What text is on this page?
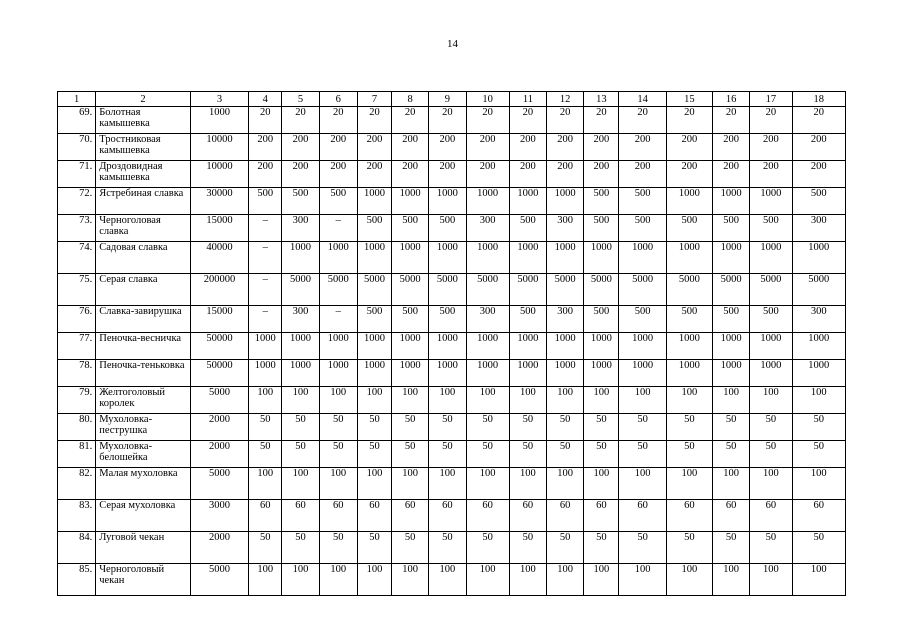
14
1	2	3	4	5	6	7	8	9	10	11	12	13	14	15	16	17	18
69.	Болотная камышевка	1000	20	20	20	20	20	20	20	20	20	20	20	20	20	20	20
70.	Тростниковая камышевка	10000	200	200	200	200	200	200	200	200	200	200	200	200	200	200	200
71.	Дроздовидная камышевка	10000	200	200	200	200	200	200	200	200	200	200	200	200	200	200	200
72.	Ястребиная славка	30000	500	500	500	1000	1000	1000	1000	1000	1000	500	500	1000	1000	1000	500
73.	Черноголовая славка	15000	–	300	–	500	500	500	300	500	300	500	500	500	500	500	300
74.	Садовая славка	40000	–	1000	1000	1000	1000	1000	1000	1000	1000	1000	1000	1000	1000	1000	1000
75.	Серая славка	200000	–	5000	5000	5000	5000	5000	5000	5000	5000	5000	5000	5000	5000	5000	5000
76.	Славка-завирушка	15000	–	300	–	500	500	500	300	500	300	500	500	500	500	500	300
77.	Пеночка-весничка	50000	1000	1000	1000	1000	1000	1000	1000	1000	1000	1000	1000	1000	1000	1000	1000
78.	Пеночка-теньковка	50000	1000	1000	1000	1000	1000	1000	1000	1000	1000	1000	1000	1000	1000	1000	1000
79.	Желтоголовый королек	5000	100	100	100	100	100	100	100	100	100	100	100	100	100	100	100
80.	Мухоловка-пеструшка	2000	50	50	50	50	50	50	50	50	50	50	50	50	50	50	50
81.	Мухоловка-белошейка	2000	50	50	50	50	50	50	50	50	50	50	50	50	50	50	50
82.	Малая мухоловка	5000	100	100	100	100	100	100	100	100	100	100	100	100	100	100	100
83.	Серая мухоловка	3000	60	60	60	60	60	60	60	60	60	60	60	60	60	60	60
84.	Луговой чекан	2000	50	50	50	50	50	50	50	50	50	50	50	50	50	50	50
85.	Черноголовый чекан	5000	100	100	100	100	100	100	100	100	100	100	100	100	100	100	100
